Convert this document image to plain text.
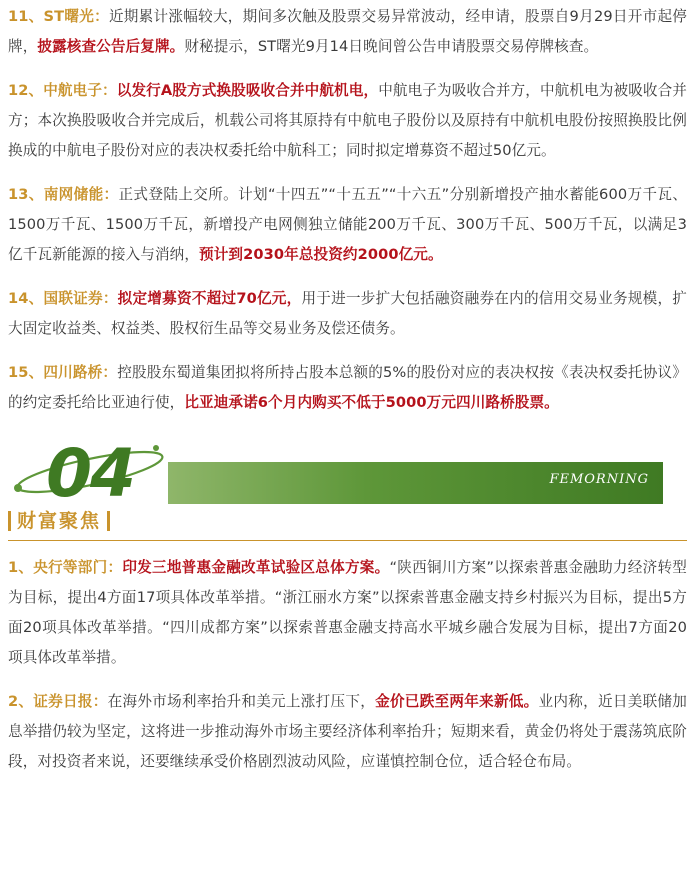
11、ST曙光：近期累计涨幅较大，期间多次触及股票交易异常波动，经申请，股票自9月29日开市起停牌，披露核查公告后复牌。财秘提示，ST曙光9月14日晚间曾公告申请股票交易停牌核查。

12、中航电子：以发行A股方式换股吸收合并中航机电，中航电子为吸收合并方，中航机电为被吸收合并方；本次换股吸收合并完成后，机载公司将其原持有中航电子股份以及原持有中航机电股份按照换股比例换成的中航电子股份对应的表决权委托给中航科工；同时拟定增募资不超过50亿元。

13、南网储能：正式登陆上交所。计划“十四五”“十五五”“十六五”分别新增投产抽水蓄能600万千瓦、1500万千瓦、1500万千瓦，新增投产电网侧独立储能200万千瓦、300万千瓦、500万千瓦，以满足3亿千瓦新能源的接入与消纳，预计到2030年总投资约2000亿元。

14、国联证券：拟定增募资不超过70亿元，用于进一步扩大包括融资融券在内的信用交易业务规模，扩大固定收益类、权益类、股权衍生品等交易业务及偿还债务。

15、四川路桥：控股股东蜀道集团拟将所持占股本总额的5%的股份对应的表决权按《表决权委托协议》的约定委托给比亚迪行使，比亚迪承诺6个月内购买不低于5000万元四川路桥股票。

04	FEMORNING
财富聚焦

1、央行等部门：印发三地普惠金融改革试验区总体方案。“陕西铜川方案”以探索普惠金融助力经济转型为目标，提出4方面17项具体改革举措。“浙江丽水方案”以探索普惠金融支持乡村振兴为目标，提出5方面20项具体改革举措。“四川成都方案”以探索普惠金融支持高水平城乡融合发展为目标，提出7方面20项具体改革举措。

2、证券日报：在海外市场利率抬升和美元上涨打压下，金价已跌至两年来新低。业内称，近日美联储加息举措仍较为坚定，这将进一步推动海外市场主要经济体利率抬升；短期来看，黄金仍将处于震荡筑底阶段，对投资者来说，还要继续承受价格剧烈波动风险，应谨慎控制仓位，适合轻仓布局。
